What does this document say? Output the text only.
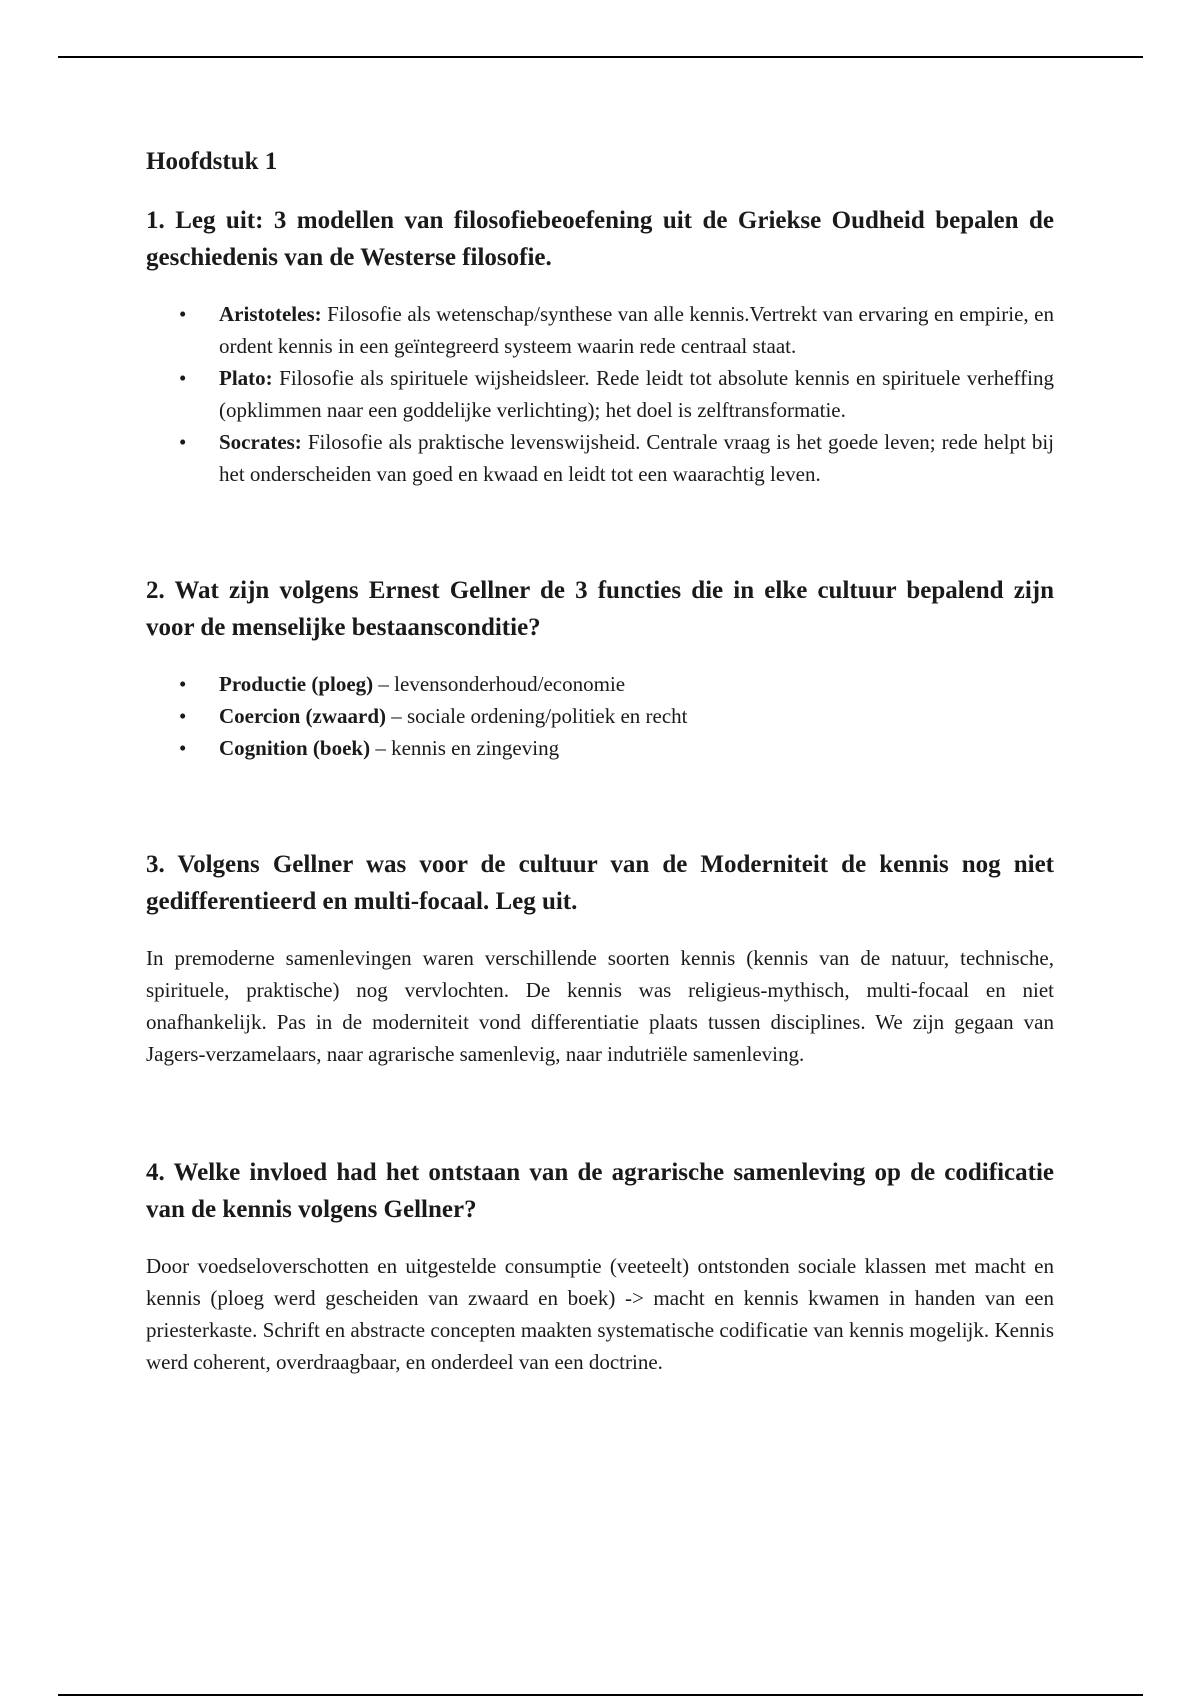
Hoofdstuk 1
1. Leg uit: 3 modellen van filosofiebeoefening uit de Griekse Oudheid bepalen de geschiedenis van de Westerse filosofie.
• Aristoteles: Filosofie als wetenschap/synthese van alle kennis.Vertrekt van ervaring en empirie, en ordent kennis in een geïntegreerd systeem waarin rede centraal staat.
• Plato: Filosofie als spirituele wijsheidsleer. Rede leidt tot absolute kennis en spirituele verheffing (opklimmen naar een goddelijke verlichting); het doel is zelftransformatie.
• Socrates: Filosofie als praktische levenswijsheid. Centrale vraag is het goede leven; rede helpt bij het onderscheiden van goed en kwaad en leidt tot een waarachtig leven.
2. Wat zijn volgens Ernest Gellner de 3 functies die in elke cultuur bepalend zijn voor de menselijke bestaansconditie?
• Productie (ploeg) – levensonderhoud/economie
• Coercion (zwaard) – sociale ordening/politiek en recht
• Cognition (boek) – kennis en zingeving
3. Volgens Gellner was voor de cultuur van de Moderniteit de kennis nog niet gedifferentieerd en multi-focaal. Leg uit.

In premoderne samenlevingen waren verschillende soorten kennis (kennis van de natuur, technische, spirituele, praktische) nog vervlochten. De kennis was religieus-mythisch, multi-focaal en niet onafhankelijk. Pas in de moderniteit vond differentiatie plaats tussen disciplines. We zijn gegaan van Jagers-verzamelaars, naar agrarische samenlevig, naar indutriële samenleving.

4. Welke invloed had het ontstaan van de agrarische samenleving op de codificatie van de kennis volgens Gellner?

Door voedseloverschotten en uitgestelde consumptie (veeteelt) ontstonden sociale klassen met macht en kennis (ploeg werd gescheiden van zwaard en boek) -> macht en kennis kwamen in handen van een priesterkaste. Schrift en abstracte concepten maakten systematische codificatie van kennis mogelijk. Kennis werd coherent, overdraagbaar, en onderdeel van een doctrine.
